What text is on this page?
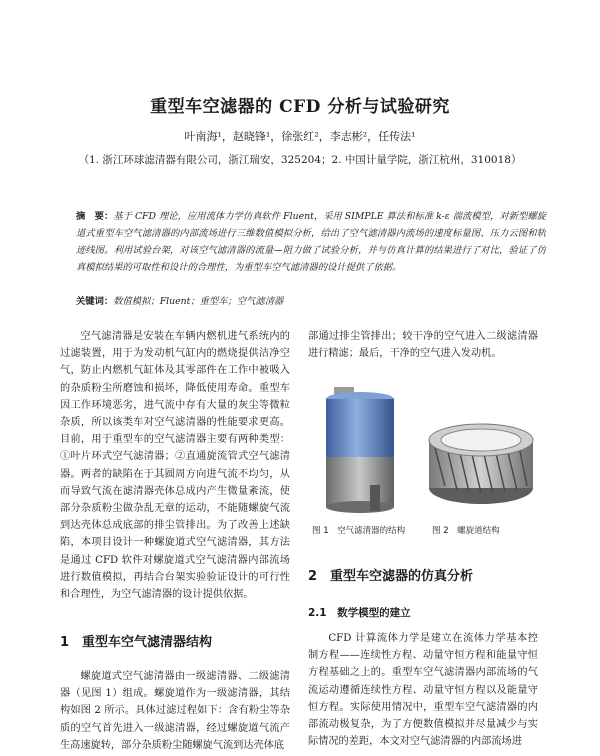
重型车空滤器的 CFD 分析与试验研究
叶南海¹，赵晓锋¹，徐张红²，李志彬²，任传法¹
（1. 浙江环球滤清器有限公司，浙江瑞安，325204；2. 中国计量学院，浙江杭州，310018）
摘　要：基于 CFD 理论，应用流体力学仿真软件 Fluent，采用 SIMPLE 算法和标准 k-ε 湍流模型，对新型螺旋道式重型车空气滤清器的内部流场进行三维数值模拟分析，给出了空气滤清器内流场的速度标量图、压力云图和轨迹线图。利用试验台架，对该空气滤清器的流量—阻力做了试验分析，并与仿真计算的结果进行了对比，验证了仿真模拟结果的可取性和设计的合理性，为重型车空气滤清器的设计提供了依据。
关键词：数值模拟；Fluent；重型车；空气滤清器

空气滤清器是安装在车辆内燃机进气系统内的过滤装置，用于为发动机气缸内的燃烧提供洁净空气，防止内燃机气缸体及其零部件在工作中被吸入的杂质粉尘所磨蚀和损坏，降低使用寿命。重型车因工作环境恶劣，进气流中存有大量的灰尘等微粒杂质，所以该类车对空气滤清器的性能要求更高。目前，用于重型车的空气滤清器主要有两种类型：①叶片环式空气滤清器；②直通旋流管式空气滤清器。两者的缺陷在于其圆周方向进气流不均匀，从而导致气流在滤清器壳体总成内产生微量紊流，使部分杂质粉尘做杂乱无章的运动，不能随螺旋气流到达壳体总成底部的排尘管排出。为了改善上述缺陷，本项目设计一种螺旋道式空气滤清器，其方法是通过 CFD 软件对螺旋道式空气滤清器内部流场进行数值模拟，再结合台架实验验证设计的可行性和合理性，为空气滤清器的设计提供依据。

1　重型车空气滤清器结构

螺旋道式空气滤清器由一级滤清器、二级滤清器（见图 1）组成。螺旋道作为一级滤清器，其结构如图 2 所示。具体过滤过程如下：含有粉尘等杂质的空气首先进入一级滤清器，经过螺旋道气流产生高速旋转，部分杂质粉尘随螺旋气流到达壳体底

部通过排尘管排出；较干净的空气进入二级滤清器进行精滤；最后，干净的空气进入发动机。

图 1　空气滤清器的结构	图 2　螺旋道结构
2　重型车空滤器的仿真分析
2.1　数学模型的建立

CFD 计算流体力学是建立在流体力学基本控制方程——连续性方程、动量守恒方程和能量守恒方程基础之上的。重型车空气滤清器内部流场的气流运动遵循连续性方程、动量守恒方程以及能量守恒方程。实际使用情况中，重型车空气滤清器的内部流动极复杂，为了方便数值模拟并尽量减少与实际情况的差距，本文对空气滤清器的内部流场进
